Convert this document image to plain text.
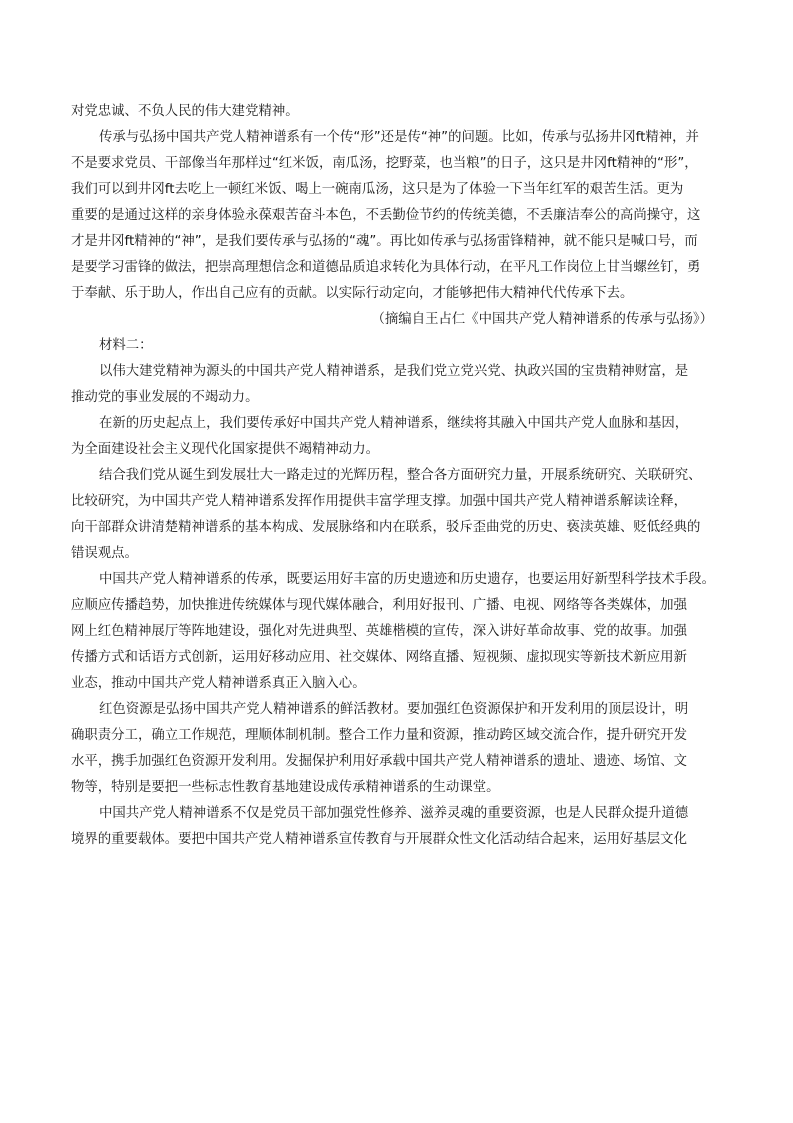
对党忠诚、不负人民的伟大建党精神。
传承与弘扬中国共产党人精神谱系有一个传“形”还是传“神”的问题。比如，传承与弘扬井冈ft精神，并
不是要求党员、干部像当年那样过“红米饭，南瓜汤，挖野菜，也当粮”的日子，这只是井冈ft精神的“形”，
我们可以到井冈ft去吃上一顿红米饭、喝上一碗南瓜汤，这只是为了体验一下当年红军的艰苦生活。更为
重要的是通过这样的亲身体验永葆艰苦奋斗本色，不丢勤俭节约的传统美德，不丢廉洁奉公的高尚操守，这
才是井冈ft精神的“神”，是我们要传承与弘扬的“魂”。再比如传承与弘扬雷锋精神，就不能只是喊口号，而
是要学习雷锋的做法，把崇高理想信念和道德品质追求转化为具体行动，在平凡工作岗位上甘当螺丝钉，勇
于奉献、乐于助人，作出自己应有的贡献。以实际行动定向，才能够把伟大精神代代传承下去。
（摘编自王占仁《中国共产党人精神谱系的传承与弘扬》）
材料二：
以伟大建党精神为源头的中国共产党人精神谱系，是我们党立党兴党、执政兴国的宝贵精神财富，是
推动党的事业发展的不竭动力。
在新的历史起点上，我们要传承好中国共产党人精神谱系，继续将其融入中国共产党人血脉和基因，
为全面建设社会主义现代化国家提供不竭精神动力。
结合我们党从诞生到发展壮大一路走过的光辉历程，整合各方面研究力量，开展系统研究、关联研究、
比较研究，为中国共产党人精神谱系发挥作用提供丰富学理支撑。加强中国共产党人精神谱系解读诠释，
向干部群众讲清楚精神谱系的基本构成、发展脉络和内在联系，驳斥歪曲党的历史、亵渎英雄、贬低经典的
错误观点。
中国共产党人精神谱系的传承，既要运用好丰富的历史遗迹和历史遗存，也要运用好新型科学技术手段。
应顺应传播趋势，加快推进传统媒体与现代媒体融合，利用好报刊、广播、电视、网络等各类媒体，加强
网上红色精神展厅等阵地建设，强化对先进典型、英雄楷模的宣传，深入讲好革命故事、党的故事。加强
传播方式和话语方式创新，运用好移动应用、社交媒体、网络直播、短视频、虚拟现实等新技术新应用新
业态，推动中国共产党人精神谱系真正入脑入心。
红色资源是弘扬中国共产党人精神谱系的鲜活教材。要加强红色资源保护和开发利用的顶层设计，明
确职责分工，确立工作规范，理顺体制机制。整合工作力量和资源，推动跨区域交流合作，提升研究开发
水平，携手加强红色资源开发利用。发掘保护利用好承载中国共产党人精神谱系的遗址、遗迹、场馆、文
物等，特别是要把一些标志性教育基地建设成传承精神谱系的生动课堂。
中国共产党人精神谱系不仅是党员干部加强党性修养、滋养灵魂的重要资源，也是人民群众提升道德
境界的重要载体。要把中国共产党人精神谱系宣传教育与开展群众性文化活动结合起来，运用好基层文化
